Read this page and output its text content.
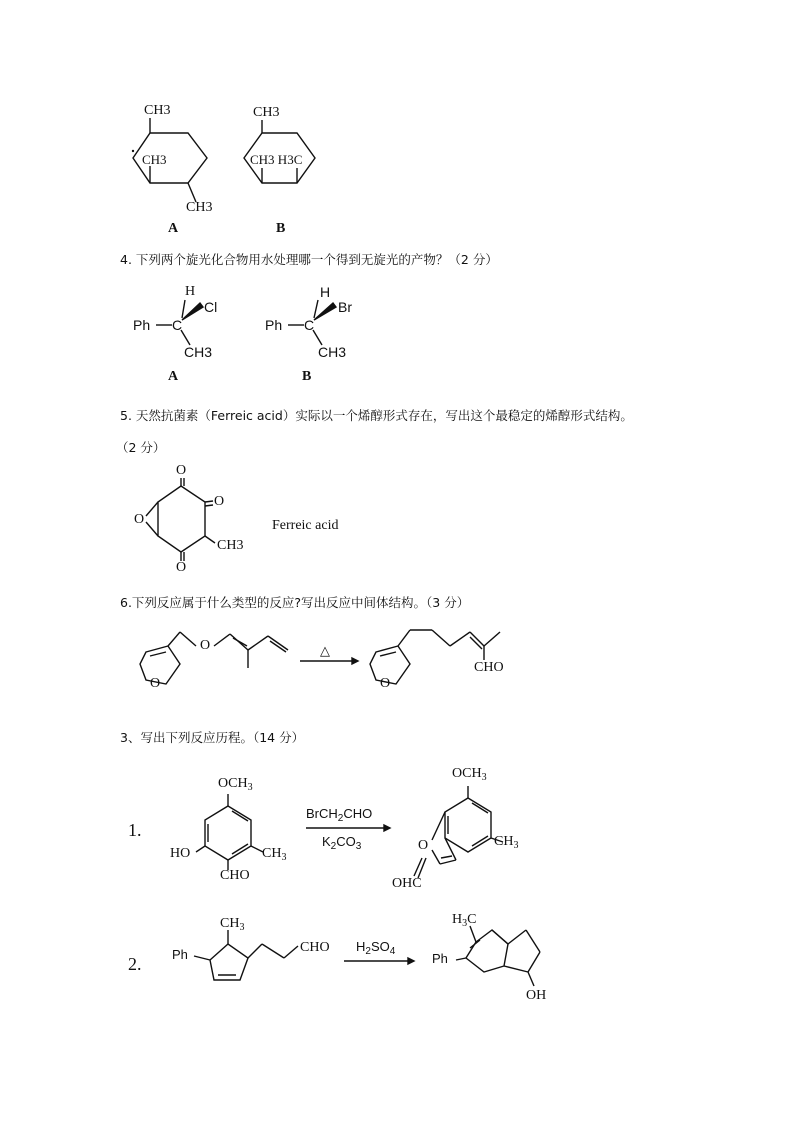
CH3
CH3
CH3
A
CH3
CH3 H3C
B
4. 下列两个旋光化合物用水处理哪一个得到无旋光的产物？（2 分）
H
Cl
Ph C
CH3
A
H
Br
Ph C
CH3
B
5. 天然抗菌素（Ferreic acid）实际以一个烯醇形式存在，写出这个最稳定的烯醇形式结构。
（2 分）
O
O
O
O
CH3
Ferreic acid
6.下列反应属于什么类型的反应?写出反应中间体结构。（3 分）
O
O
△
O
CHO
3、写出下列反应历程。（14 分）
1.
$OCH_3$
HO	$CH_3$
CHO
BrCH$_2$CHO
$K_2CO_3$
$OCH_3$
$CH_3$
O
OHC
2.
$CH_3$
Ph	CHO $H_2SO_4$
$H_3C$
Ph
OH
